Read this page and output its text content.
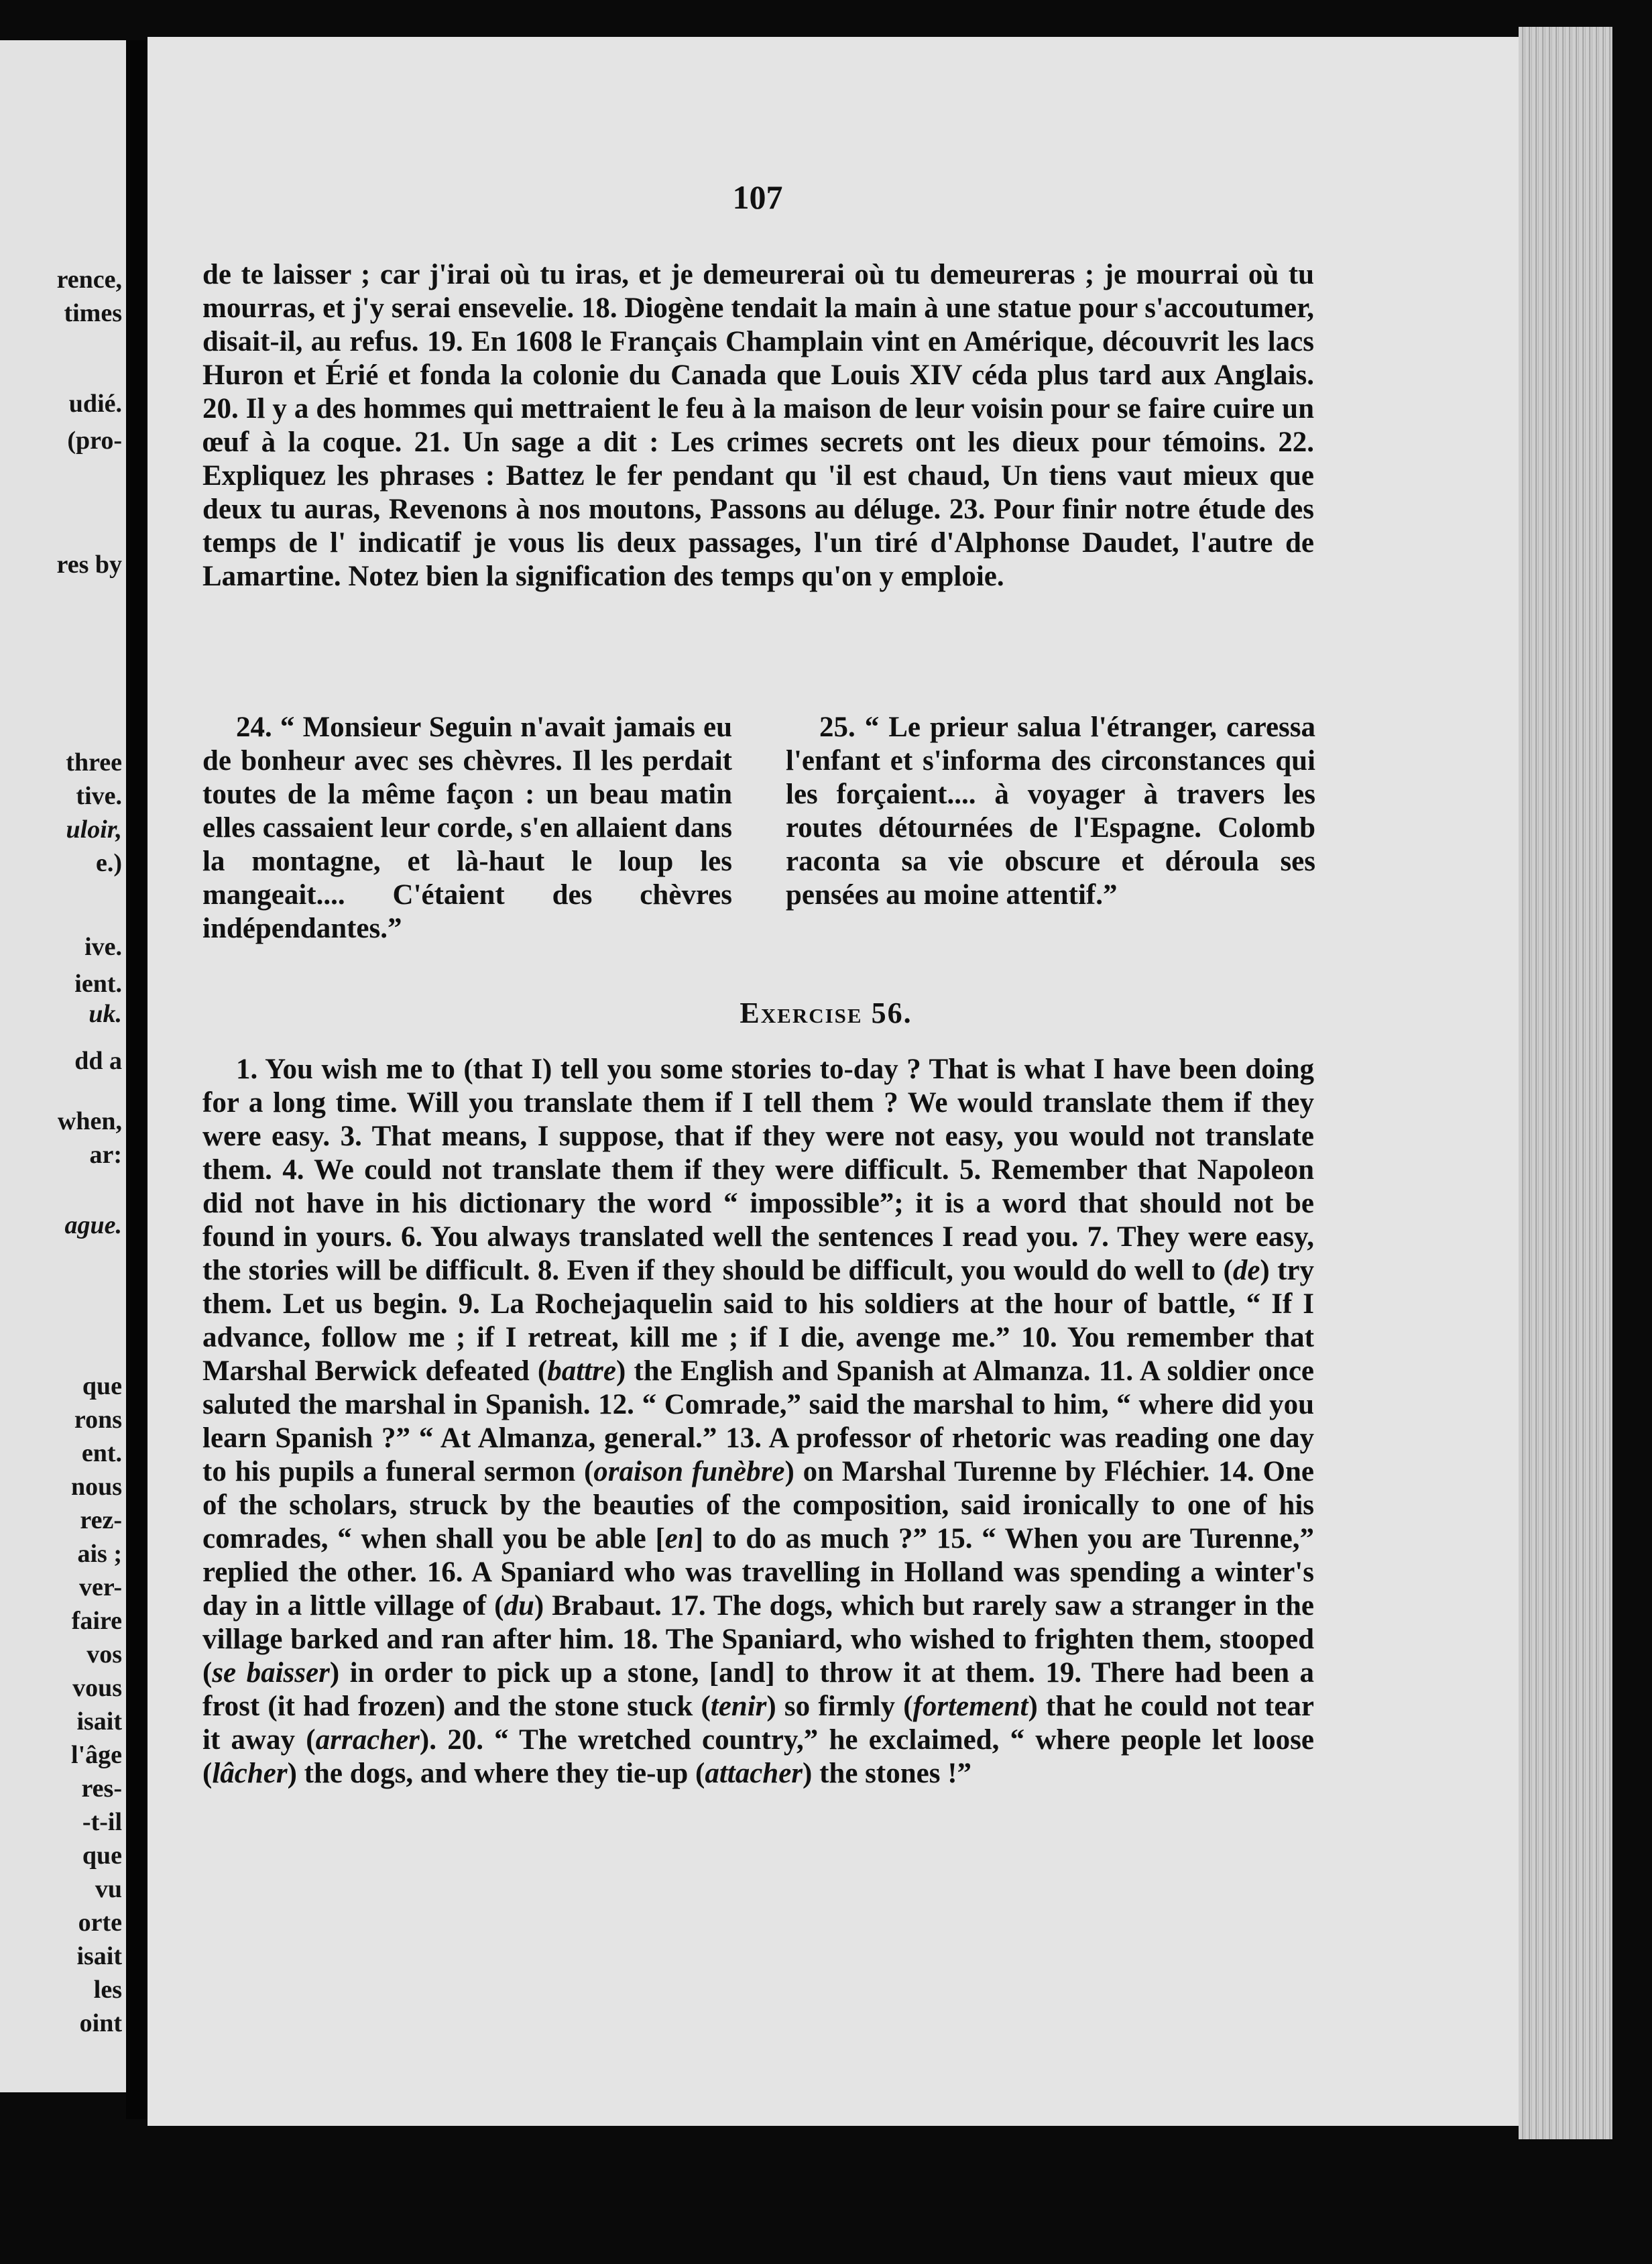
rence,
times
udié.
(pro-
res by
three
tive.
uloir,
e.)
ive.
ient.
uk.
dd a
when,
ar:
ague.
que
rons
ent.
nous
rez-
ais ;
ver-
faire
vos
vous
isait
l'âge
res-
-t-il
que
vu
orte
isait
les
oint
107

de te laisser ; car j'irai où tu iras, et je demeurerai où tu demeureras ; je mourrai où tu mourras, et j'y serai ensevelie. 18. Diogène tendait la main à une statue pour s'accoutumer, disait-il, au refus. 19. En 1608 le Français Champlain vint en Amérique, découvrit les lacs Huron et Érié et fonda la colonie du Canada que Louis XIV céda plus tard aux Anglais. 20. Il y a des hommes qui mettraient le feu à la maison de leur voisin pour se faire cuire un œuf à la coque. 21. Un sage a dit : Les crimes secrets ont les dieux pour témoins. 22. Expliquez les phrases : Battez le fer pendant qu 'il est chaud, Un tiens vaut mieux que deux tu auras, Revenons à nos moutons, Passons au déluge. 23. Pour finir notre étude des temps de l' indicatif je vous lis deux passages, l'un tiré d'Alphonse Daudet, l'autre de Lamartine. Notez bien la signification des temps qu'on y emploie.

24. “ Monsieur Seguin n'avait jamais eu de bonheur avec ses chèvres. Il les perdait toutes de la même façon : un beau matin elles cassaient leur corde, s'en allaient dans la montagne, et là-haut le loup les mangeait.... C'étaient des chèvres indépendantes.”
25. “ Le prieur salua l'étranger, caressa l'enfant et s'informa des circonstances qui les forçaient.... à voyager à travers les routes détournées de l'Espagne. Colomb raconta sa vie obscure et déroula ses pensées au moine attentif.”
Exercise 56.

1. You wish me to (that I) tell you some stories to-day ? That is what I have been doing for a long time. Will you translate them if I tell them ? We would translate them if they were easy. 3. That means, I suppose, that if they were not easy, you would not translate them. 4. We could not translate them if they were difficult. 5. Remember that Napoleon did not have in his dictionary the word “ impossible”; it is a word that should not be found in yours. 6. You always translated well the sentences I read you. 7. They were easy, the stories will be difficult. 8. Even if they should be difficult, you would do well to (de) try them. Let us begin. 9. La Rochejaquelin said to his soldiers at the hour of battle, “ If I advance, follow me ; if I retreat, kill me ; if I die, avenge me.” 10. You remember that Marshal Berwick defeated (battre) the English and Spanish at Almanza. 11. A soldier once saluted the marshal in Spanish. 12. “ Comrade,” said the marshal to him, “ where did you learn Spanish ?” “ At Almanza, general.” 13. A professor of rhetoric was reading one day to his pupils a funeral sermon (oraison funèbre) on Marshal Turenne by Fléchier. 14. One of the scholars, struck by the beauties of the composition, said ironically to one of his comrades, “ when shall you be able [en] to do as much ?” 15. “ When you are Turenne,” replied the other. 16. A Spaniard who was travelling in Holland was spending a winter's day in a little village of (du) Brabaut. 17. The dogs, which but rarely saw a stranger in the village barked and ran after him. 18. The Spaniard, who wished to frighten them, stooped (se baisser) in order to pick up a stone, [and] to throw it at them. 19. There had been a frost (it had frozen) and the stone stuck (tenir) so firmly (fortement) that he could not tear it away (arracher). 20. “ The wretched country,” he exclaimed, “ where people let loose (lâcher) the dogs, and where they tie-up (attacher) the stones !”
